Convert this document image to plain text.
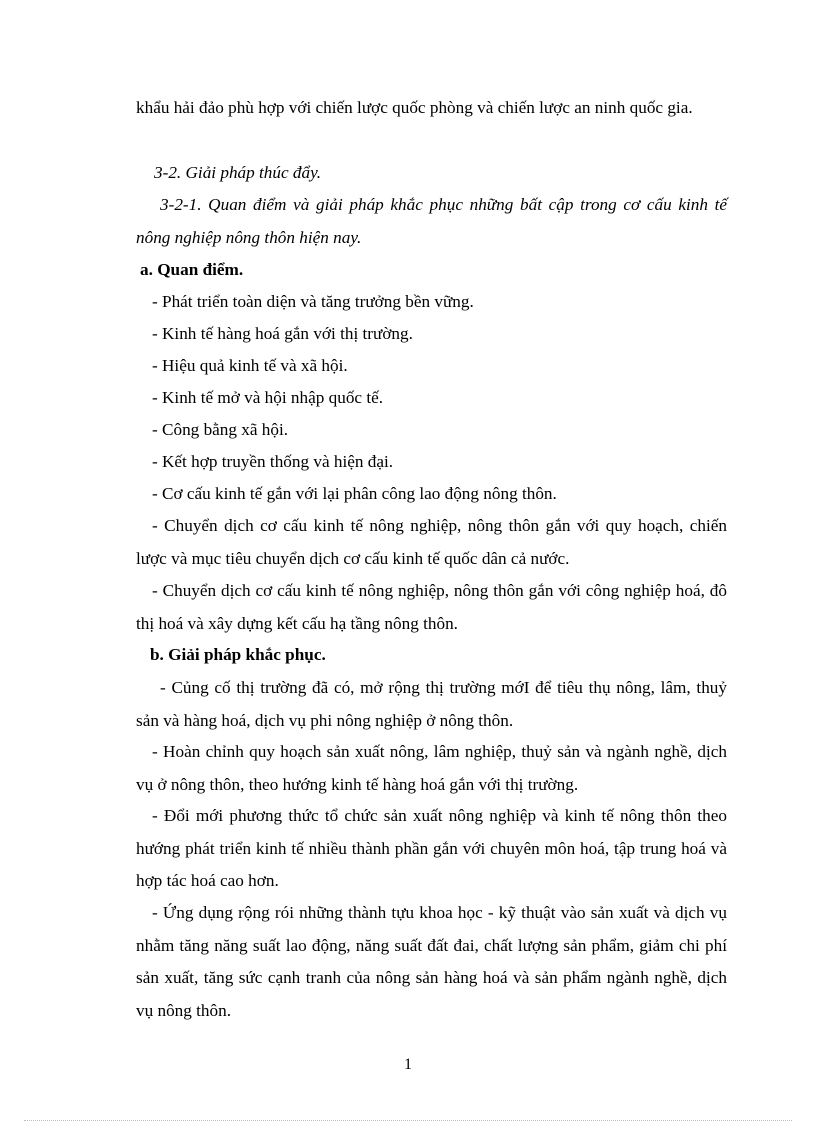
khẩu hải đảo phù hợp với chiến lược quốc phòng và chiến lược an ninh quốc gia.

3-2. Giải pháp thúc đẩy.

3-2-1. Quan điểm và giải pháp khắc phục những bất cập trong cơ cấu kinh tế nông nghiệp nông thôn hiện nay.

a. Quan điểm.

- Phát triển toàn diện và tăng trưởng bền vững.

- Kinh tế hàng hoá gắn với thị trường.

- Hiệu quả kinh tế và xã hội.

- Kinh tế mở và hội nhập quốc tế.

- Công bằng xã hội.

- Kết hợp truyền thống và hiện đại.

- Cơ cấu kinh tế gắn với lại phân công lao động nông thôn.

- Chuyển dịch cơ cấu kinh tế nông nghiệp, nông thôn gắn với quy hoạch, chiến lược và mục tiêu chuyển dịch cơ cấu kinh tế quốc dân cả nước.

- Chuyển dịch cơ cấu kinh tế nông nghiệp, nông thôn gắn với công nghiệp hoá, đô thị hoá và xây dựng kết cấu hạ tầng nông thôn.

b. Giải pháp khắc phục.

- Củng cố thị trường đã có, mở rộng thị trường mớI để tiêu thụ nông, lâm, thuỷ sản và hàng hoá, dịch vụ phi nông nghiệp ở nông thôn.

- Hoàn chỉnh quy hoạch sản xuất nông, lâm nghiệp, thuỷ sản và ngành nghề, dịch vụ ở nông thôn, theo hướng kinh tế hàng hoá gắn với thị trường.

- Đổi mới phương thức tổ chức sản xuất nông nghiệp và kinh tế nông thôn theo hướng phát triển kinh tế nhiều thành phần gắn với chuyên môn hoá, tập trung hoá và hợp tác hoá cao hơn.

- Ứng dụng rộng rói những thành tựu khoa học - kỹ thuật vào sản xuất và dịch vụ nhằm tăng năng suất lao động, năng suất đất đai, chất lượng sản phẩm, giảm chi phí sản xuất, tăng sức cạnh tranh của nông sản hàng hoá và sản phẩm ngành nghề, dịch vụ nông thôn.

1
